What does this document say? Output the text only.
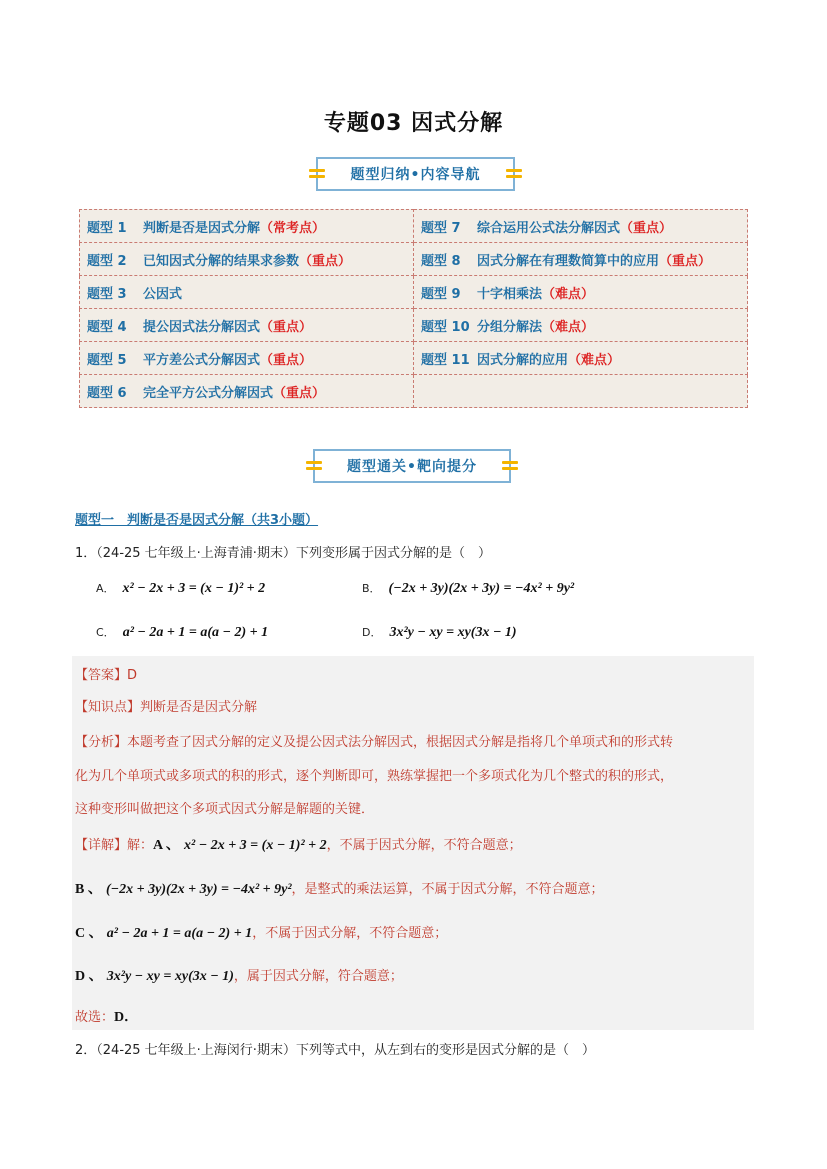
专题03 因式分解
题型归纳•内容导航
题型 1 判断是否是因式分解（常考点）	题型 7 综合运用公式法分解因式（重点）
题型 2 已知因式分解的结果求参数（重点）	题型 8 因式分解在有理数简算中的应用（重点）
题型 3 公因式	题型 9 十字相乘法（难点）
题型 4 提公因式法分解因式（重点）	题型 10 分组分解法（难点）
题型 5 平方差公式分解因式（重点）	题型 11 因式分解的应用（难点）
题型 6 完全平方公式分解因式（重点）	
题型通关•靶向提分
题型一　判断是否是因式分解（共3小题）
1．（24-25 七年级上·上海青浦·期末）下列变形属于因式分解的是（　）
A． x² − 2x + 3 = (x − 1)² + 2	B． (−2x + 3y)(2x + 3y) = −4x² + 9y²
C． a² − 2a + 1 = a(a − 2) + 1	D． 3x²y − xy = xy(3x − 1)
【答案】D
【知识点】判断是否是因式分解
【分析】本题考查了因式分解的定义及提公因式法分解因式，根据因式分解是指将几个单项式和的形式转
化为几个单项式或多项式的积的形式，逐个判断即可，熟练掌握把一个多项式化为几个整式的积的形式，
这种变形叫做把这个多项式因式分解是解题的关键．
【详解】解：A 、 x² − 2x + 3 = (x − 1)² + 2，不属于因式分解，不符合题意；
B 、 (−2x + 3y)(2x + 3y) = −4x² + 9y²，是整式的乘法运算，不属于因式分解，不符合题意；
C 、 a² − 2a + 1 = a(a − 2) + 1，不属于因式分解，不符合题意；
D 、 3x²y − xy = xy(3x − 1)，属于因式分解，符合题意；
故选：D．
2．（24-25 七年级上·上海闵行·期末）下列等式中，从左到右的变形是因式分解的是（　）
